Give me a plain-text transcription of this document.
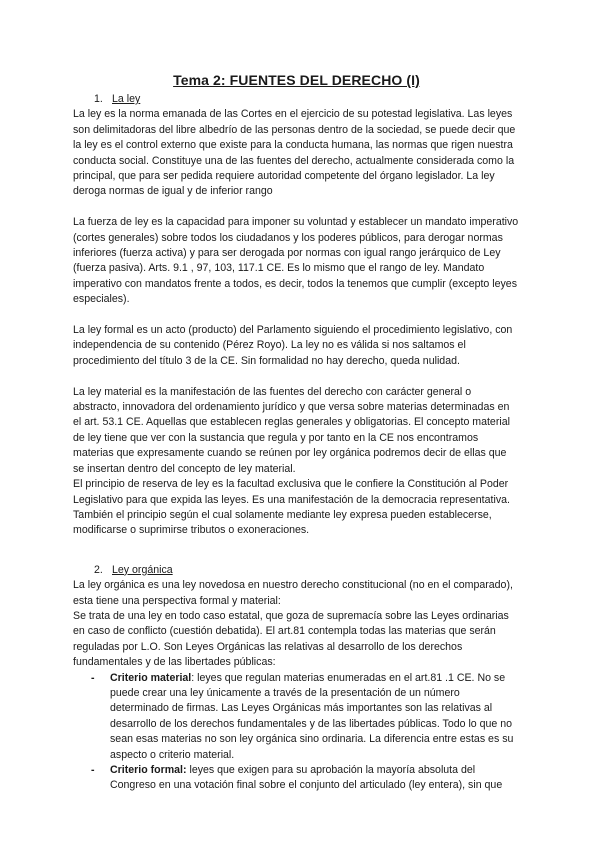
Tema 2: FUENTES DEL DERECHO (I)
1. La ley

La ley es la norma emanada de las Cortes en el ejercicio de su potestad legislativa. Las leyes son delimitadoras del libre albedrío de las personas dentro de la sociedad, se puede decir que la ley es el control externo que existe para la conducta humana, las normas que rigen nuestra conducta social. Constituye una de las fuentes del derecho, actualmente considerada como la principal, que para ser pedida requiere autoridad competente del órgano legislador. La ley deroga normas de igual y de inferior rango

La fuerza de ley es la capacidad para imponer su voluntad y establecer un mandato imperativo (cortes generales) sobre todos los ciudadanos y los poderes públicos, para derogar normas inferiores (fuerza activa) y para ser derogada por normas con igual rango jerárquico de Ley (fuerza pasiva). Arts. 9.1 , 97, 103, 117.1 CE. Es lo mismo que el rango de ley. Mandato imperativo con mandatos frente a todos, es decir, todos la tenemos que cumplir (excepto leyes especiales).

La ley formal es un acto (producto) del Parlamento siguiendo el procedimiento legislativo, con independencia de su contenido (Pérez Royo). La ley no es válida si nos saltamos el procedimiento del título 3 de la CE. Sin formalidad no hay derecho, queda nulidad.

La ley material es la manifestación de las fuentes del derecho con carácter general o abstracto, innovadora del ordenamiento jurídico y que versa sobre materias determinadas en el art. 53.1 CE. Aquellas que establecen reglas generales y obligatorias. El concepto material de ley tiene que ver con la sustancia que regula y por tanto en la CE nos encontramos materias que expresamente cuando se reúnen por ley orgánica podremos decir de ellas que se insertan dentro del concepto de ley material.

El principio de reserva de ley es la facultad exclusiva que le confiere la Constitución al Poder Legislativo para que expida las leyes. Es una manifestación de la democracia representativa. También el principio según el cual solamente mediante ley expresa pueden establecerse, modificarse o suprimirse tributos o exoneraciones.

2. Ley orgánica

La ley orgánica es una ley novedosa en nuestro derecho constitucional (no en el comparado), esta tiene una perspectiva formal y material:

Se trata de una ley en todo caso estatal, que goza de supremacía sobre las Leyes ordinarias en caso de conflicto (cuestión debatida). El art.81 contempla todas las materias que serán reguladas por L.O. Son Leyes Orgánicas las relativas al desarrollo de los derechos fundamentales y de las libertades públicas:

- Criterio material: leyes que regulan materias enumeradas en el art.81 .1 CE. No se puede crear una ley únicamente a través de la presentación de un número determinado de firmas. Las Leyes Orgánicas más importantes son las relativas al desarrollo de los derechos fundamentales y de las libertades públicas. Todo lo que no sean esas materias no son ley orgánica sino ordinaria. La diferencia entre estas es su aspecto o criterio material.
- Criterio formal: leyes que exigen para su aprobación la mayoría absoluta del Congreso en una votación final sobre el conjunto del articulado (ley entera), sin que
